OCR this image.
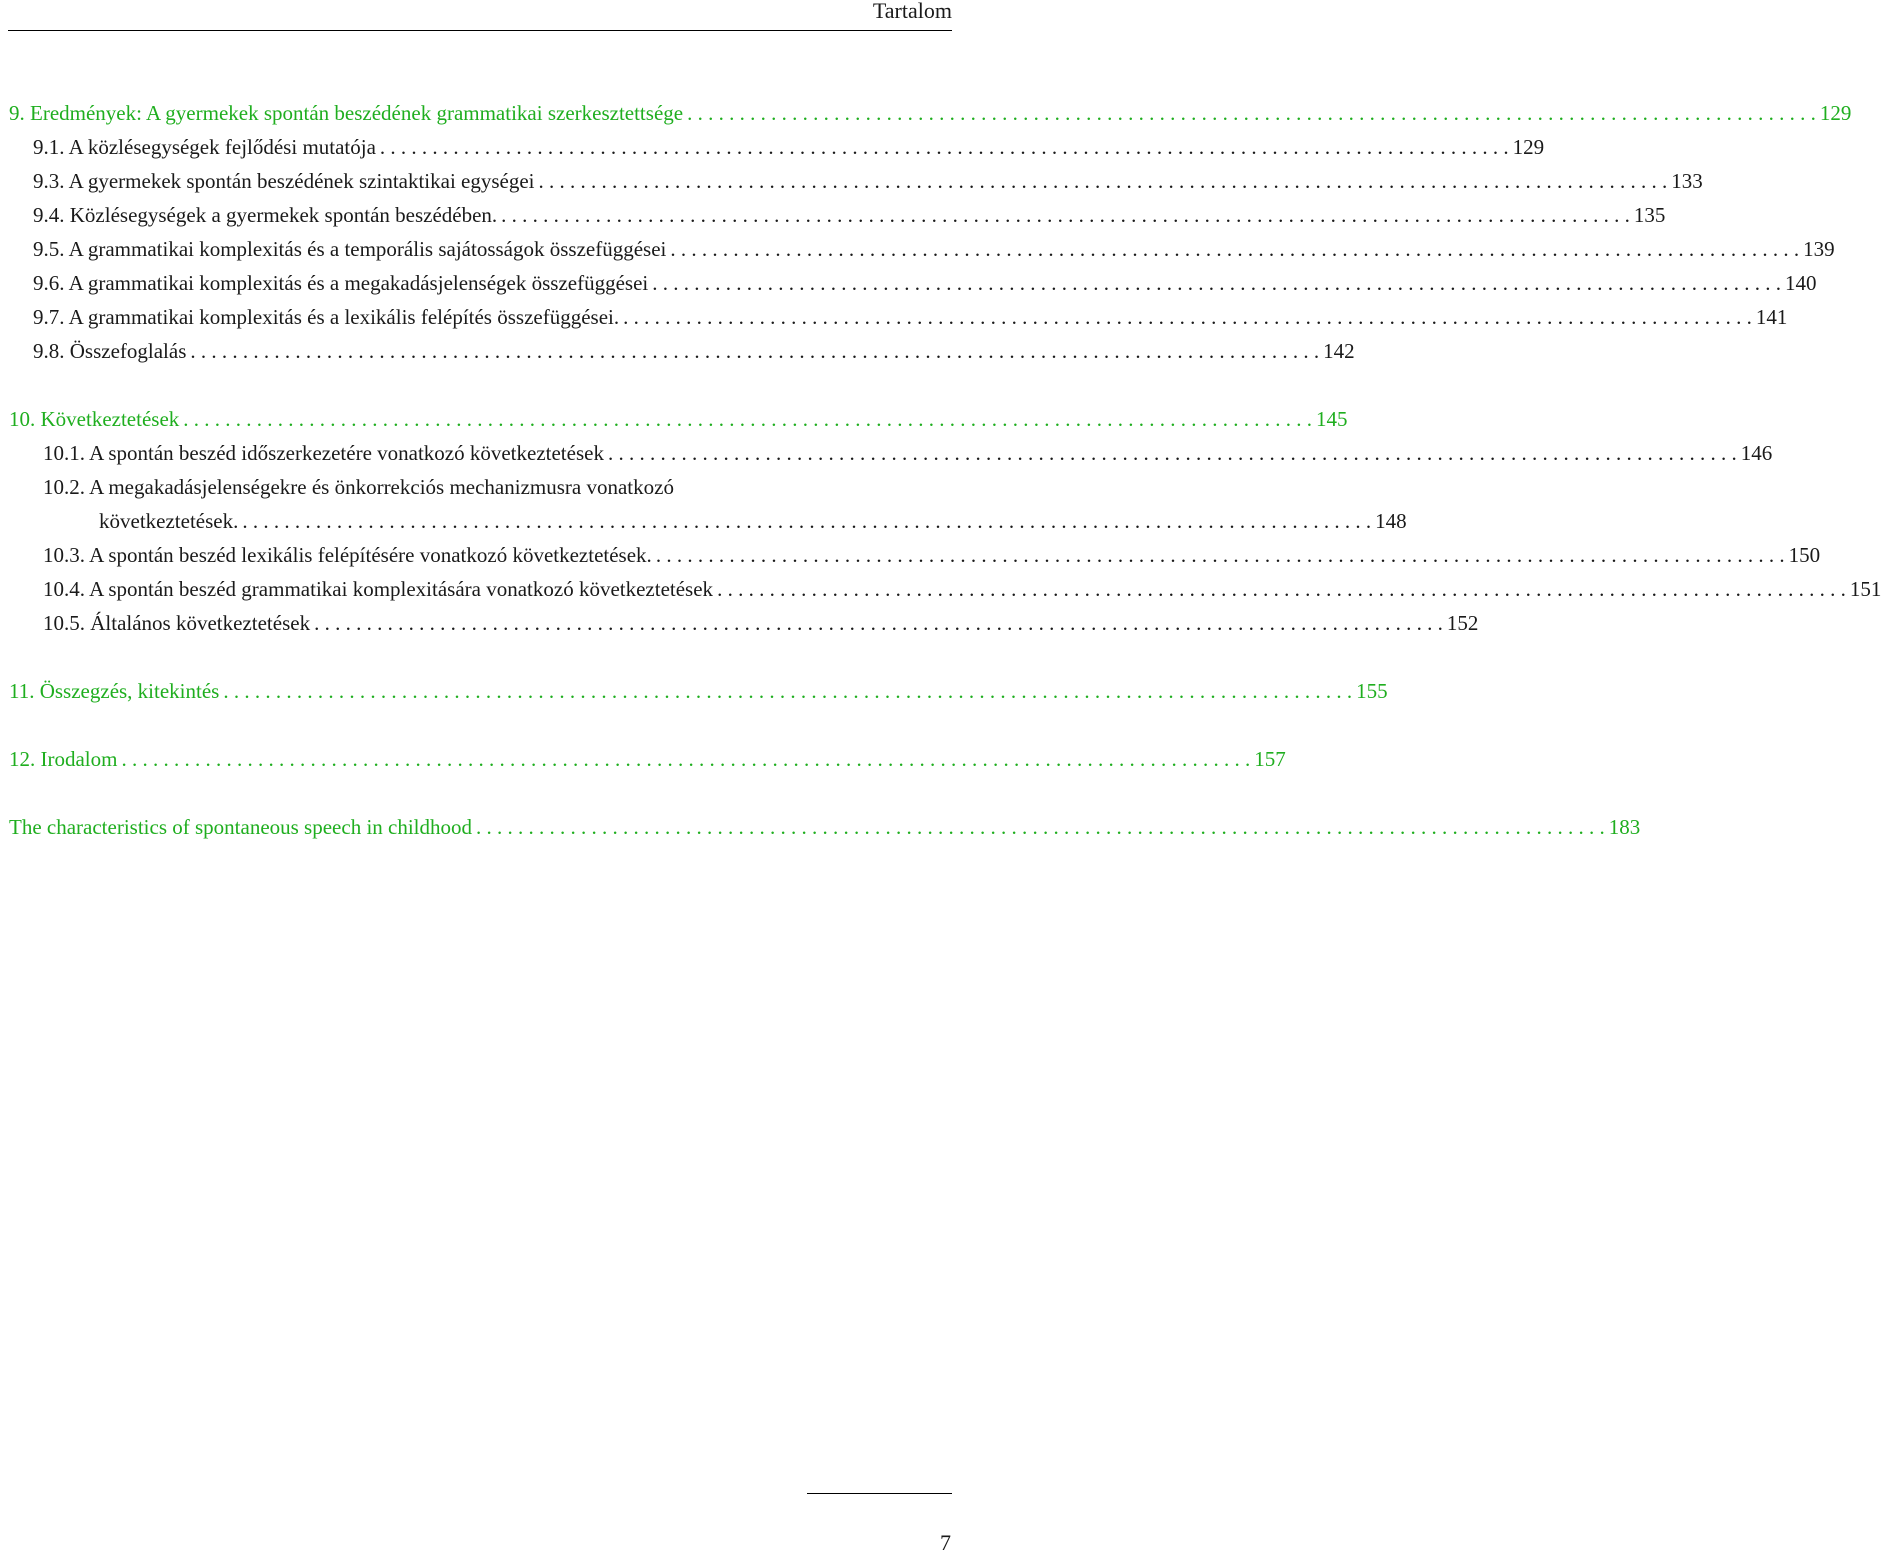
Tartalom
9. Eredmények: A gyermekek spontán beszédének grammatikai szerkesztettsége . . .	129
9.1. A közlésegységek fejlődési mutatója . . .	129
9.3. A gyermekek spontán beszédének szintaktikai egységei . . .	133
9.4. Közlésegységek a gyermekek spontán beszédében. . . .	135
9.5. A grammatikai komplexitás és a temporális sajátosságok összefüggései . . .	139
9.6. A grammatikai komplexitás és a megakadásjelenségek összefüggései . . .	140
9.7. A grammatikai komplexitás és a lexikális felépítés összefüggései. . . .	141
9.8. Összefoglalás . . .	142
10. Következtetések . . .	145
10.1. A spontán beszéd időszerkezetére vonatkozó következtetések . . .	146
10.2. A megakadásjelenségekre és önkorrekciós mechanizmusra vonatkozó
következtetések. . . .	148
10.3. A spontán beszéd lexikális felépítésére vonatkozó következtetések. . . .	150
10.4. A spontán beszéd grammatikai komplexitására vonatkozó következtetések . . .	151
10.5. Általános következtetések . . .	152
11. Összegzés, kitekintés . . .	155
12. Irodalom . . .	157
The characteristics of spontaneous speech in childhood . . .	183
7
